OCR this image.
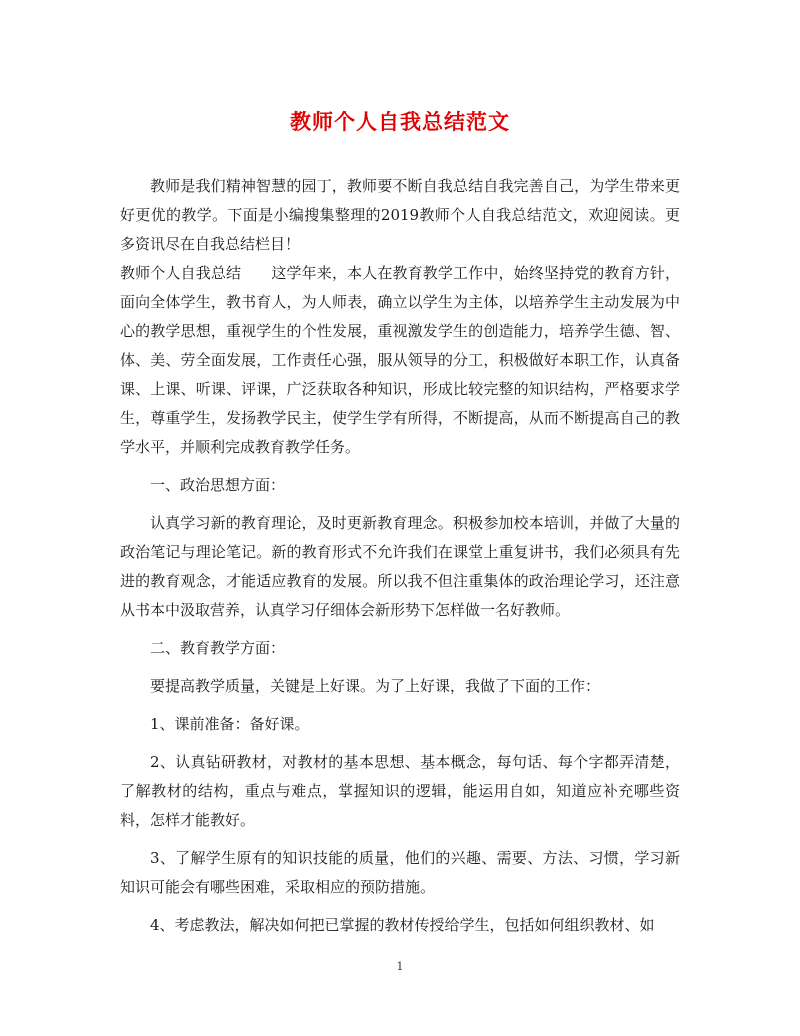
教师个人自我总结范文

教师是我们精神智慧的园丁，教师要不断自我总结自我完善自己，为学生带来更好更优的教学。下面是小编搜集整理的2019教师个人自我总结范文，欢迎阅读。更多资讯尽在自我总结栏目！

教师个人自我总结　　这学年来，本人在教育教学工作中，始终坚持党的教育方针，面向全体学生，教书育人，为人师表，确立以学生为主体，以培养学生主动发展为中心的教学思想，重视学生的个性发展，重视激发学生的创造能力，培养学生德、智、体、美、劳全面发展，工作责任心强，服从领导的分工，积极做好本职工作，认真备课、上课、听课、评课，广泛获取各种知识，形成比较完整的知识结构，严格要求学生，尊重学生，发扬教学民主，使学生学有所得，不断提高，从而不断提高自己的教学水平，并顺利完成教育教学任务。

一、政治思想方面：

认真学习新的教育理论，及时更新教育理念。积极参加校本培训，并做了大量的政治笔记与理论笔记。新的教育形式不允许我们在课堂上重复讲书，我们必须具有先进的教育观念，才能适应教育的发展。所以我不但注重集体的政治理论学习，还注意从书本中汲取营养，认真学习仔细体会新形势下怎样做一名好教师。

二、教育教学方面：

要提高教学质量，关键是上好课。为了上好课，我做了下面的工作：

1、课前准备：备好课。

2、认真钻研教材，对教材的基本思想、基本概念，每句话、每个字都弄清楚，了解教材的结构，重点与难点，掌握知识的逻辑，能运用自如，知道应补充哪些资料，怎样才能教好。

3、了解学生原有的知识技能的质量，他们的兴趣、需要、方法、习惯，学习新知识可能会有哪些困难，采取相应的预防措施。

4、考虑教法，解决如何把已掌握的教材传授给学生，包括如何组织教材、如

1
